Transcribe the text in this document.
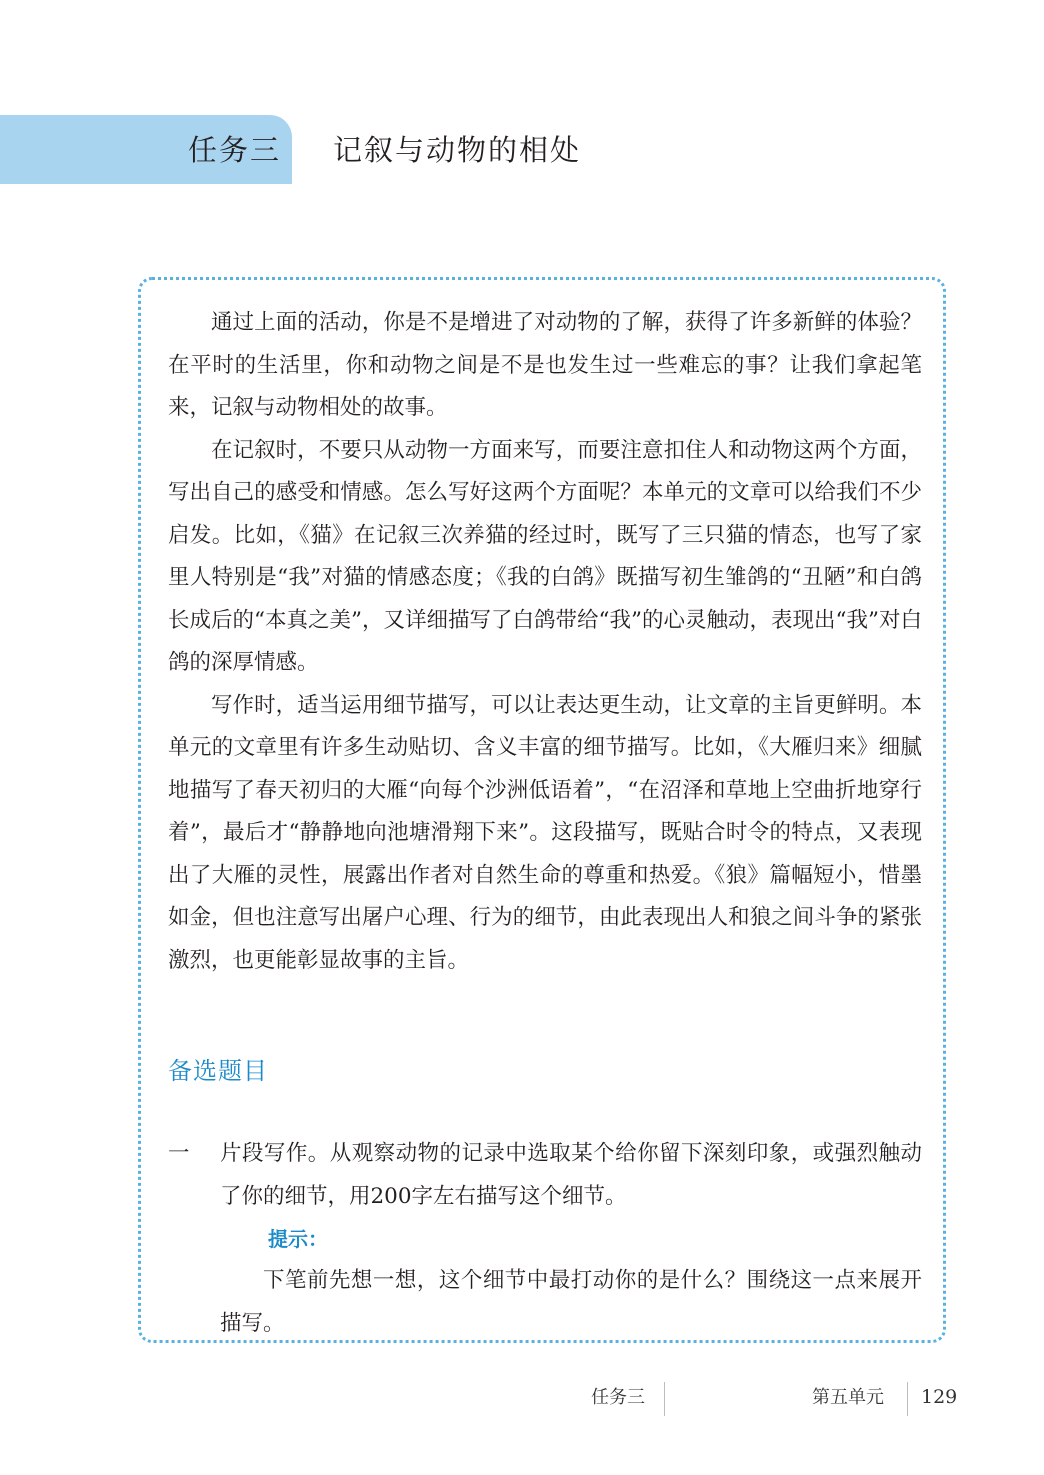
任务三 记叙与动物的相处

通过上面的活动，你是不是增进了对动物的了解，获得了许多新鲜的体验？在平时的生活里，你和动物之间是不是也发生过一些难忘的事？让我们拿起笔来，记叙与动物相处的故事。

在记叙时，不要只从动物一方面来写，而要注意扣住人和动物这两个方面，写出自己的感受和情感。怎么写好这两个方面呢？本单元的文章可以给我们不少启发。比如，《猫》在记叙三次养猫的经过时，既写了三只猫的情态，也写了家里人特别是“我”对猫的情感态度；《我的白鸽》既描写初生雏鸽的“丑陋”和白鸽长成后的“本真之美”，又详细描写了白鸽带给“我”的心灵触动，表现出“我”对白鸽的深厚情感。

写作时，适当运用细节描写，可以让表达更生动，让文章的主旨更鲜明。本单元的文章里有许多生动贴切、含义丰富的细节描写。比如，《大雁归来》细腻地描写了春天初归的大雁“向每个沙洲低语着”，“在沼泽和草地上空曲折地穿行着”，最后才“静静地向池塘滑翔下来”。这段描写，既贴合时令的特点，又表现出了大雁的灵性，展露出作者对自然生命的尊重和热爱。《狼》篇幅短小，惜墨如金，但也注意写出屠户心理、行为的细节，由此表现出人和狼之间斗争的紧张激烈，也更能彰显故事的主旨。

备选题目
一	片段写作。从观察动物的记录中选取某个给你留下深刻印象，或强烈触动了你的细节，用200字左右描写这个细节。
提示：
下笔前先想一想，这个细节中最打动你的是什么？围绕这一点来展开描写。
任务三	第五单元 129
